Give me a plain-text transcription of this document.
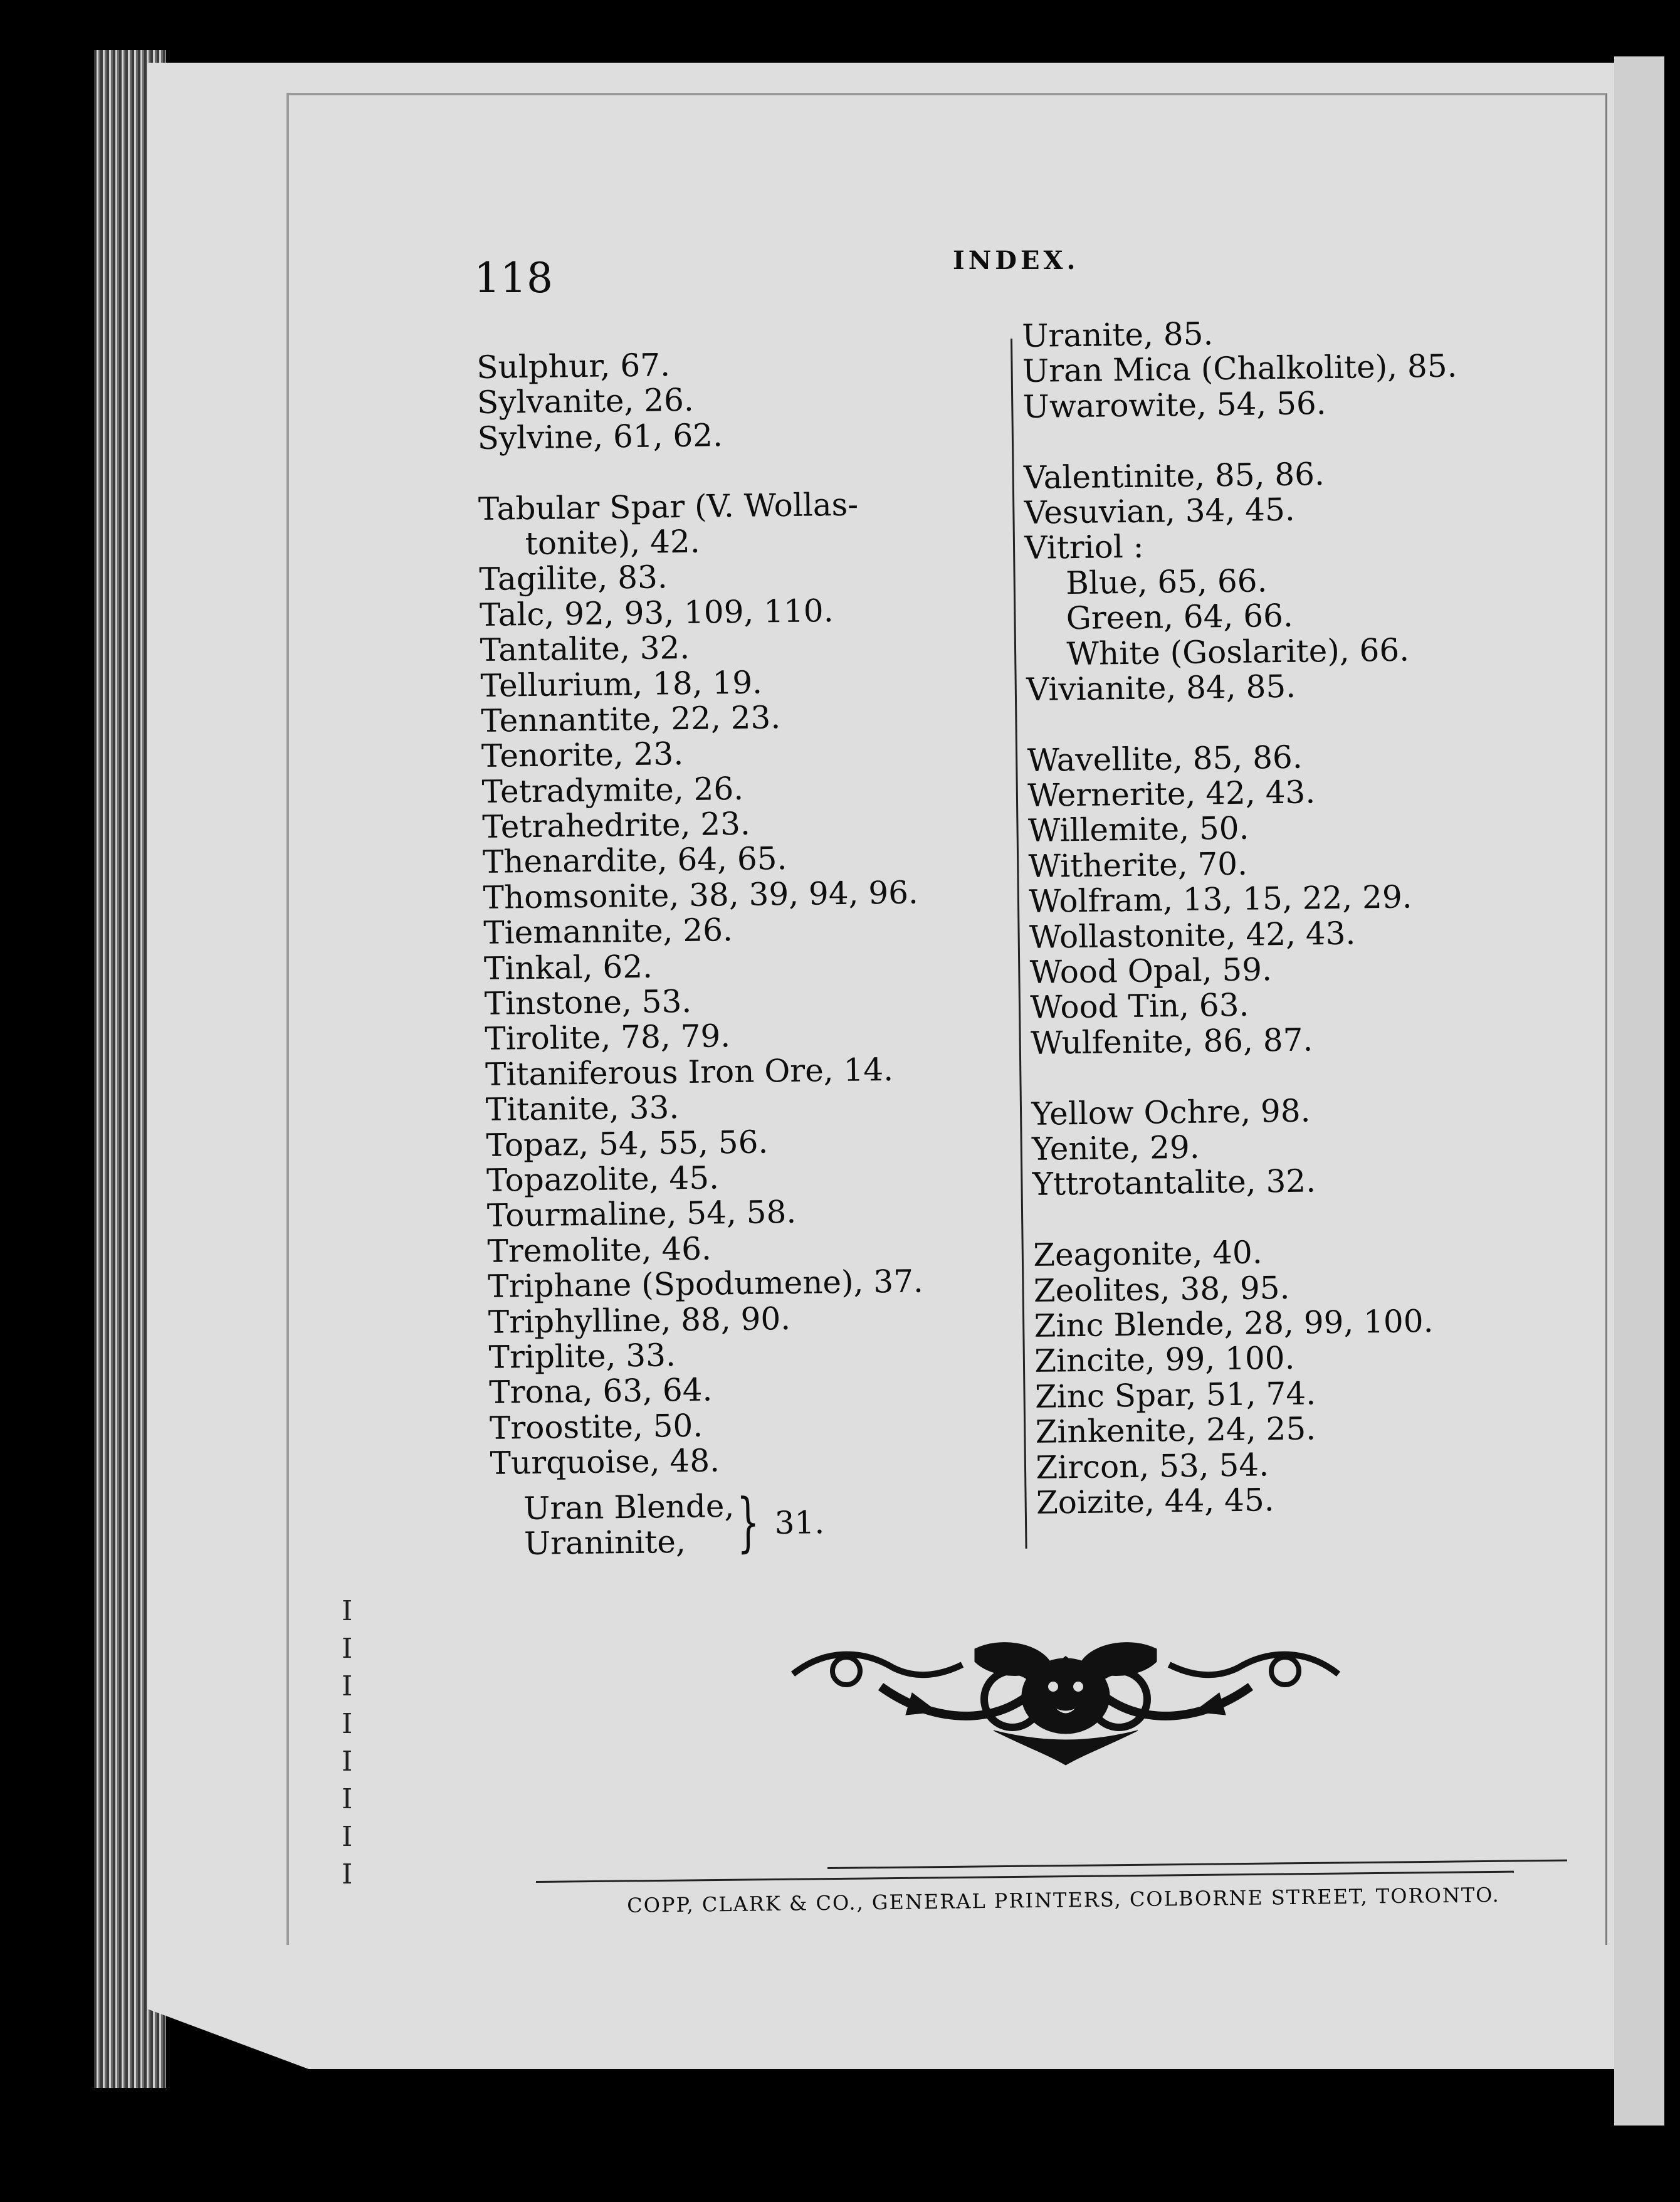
118	INDEX.
Sulphur, 67.
Sylvanite, 26.
Sylvine, 61, 62.
Tabular Spar (V. Wollas-
tonite), 42.
Tagilite, 83.
Talc, 92, 93, 109, 110.
Tantalite, 32.
Tellurium, 18, 19.
Tennantite, 22, 23.
Tenorite, 23.
Tetradymite, 26.
Tetrahedrite, 23.
Thenardite, 64, 65.
Thomsonite, 38, 39, 94, 96.
Tiemannite, 26.
Tinkal, 62.
Tinstone, 53.
Tirolite, 78, 79.
Titaniferous Iron Ore, 14.
Titanite, 33.
Topaz, 54, 55, 56.
Topazolite, 45.
Tourmaline, 54, 58.
Tremolite, 46.
Triphane (Spodumene), 37.
Triphylline, 88, 90.
Triplite, 33.
Trona, 63, 64.
Troostite, 50.
Turquoise, 48.
Uran Blende,
Uraninite, } 31.
Uranite, 85.
Uran Mica (Chalkolite), 85.
Uwarowite, 54, 56.
Valentinite, 85, 86.
Vesuvian, 34, 45.
Vitriol :
Blue, 65, 66.
Green, 64, 66.
White (Goslarite), 66.
Vivianite, 84, 85.
Wavellite, 85, 86.
Wernerite, 42, 43.
Willemite, 50.
Witherite, 70.
Wolfram, 13, 15, 22, 29.
Wollastonite, 42, 43.
Wood Opal, 59.
Wood Tin, 63.
Wulfenite, 86, 87.
Yellow Ochre, 98.
Yenite, 29.
Yttrotantalite, 32.
Zeagonite, 40.
Zeolites, 38, 95.
Zinc Blende, 28, 99, 100.
Zincite, 99, 100.
Zinc Spar, 51, 74.
Zinkenite, 24, 25.
Zircon, 53, 54.
Zoizite, 44, 45.
I
I
I
I
I
I
I
I
COPP, CLARK & CO., GENERAL PRINTERS, COLBORNE STREET, TORONTO.
